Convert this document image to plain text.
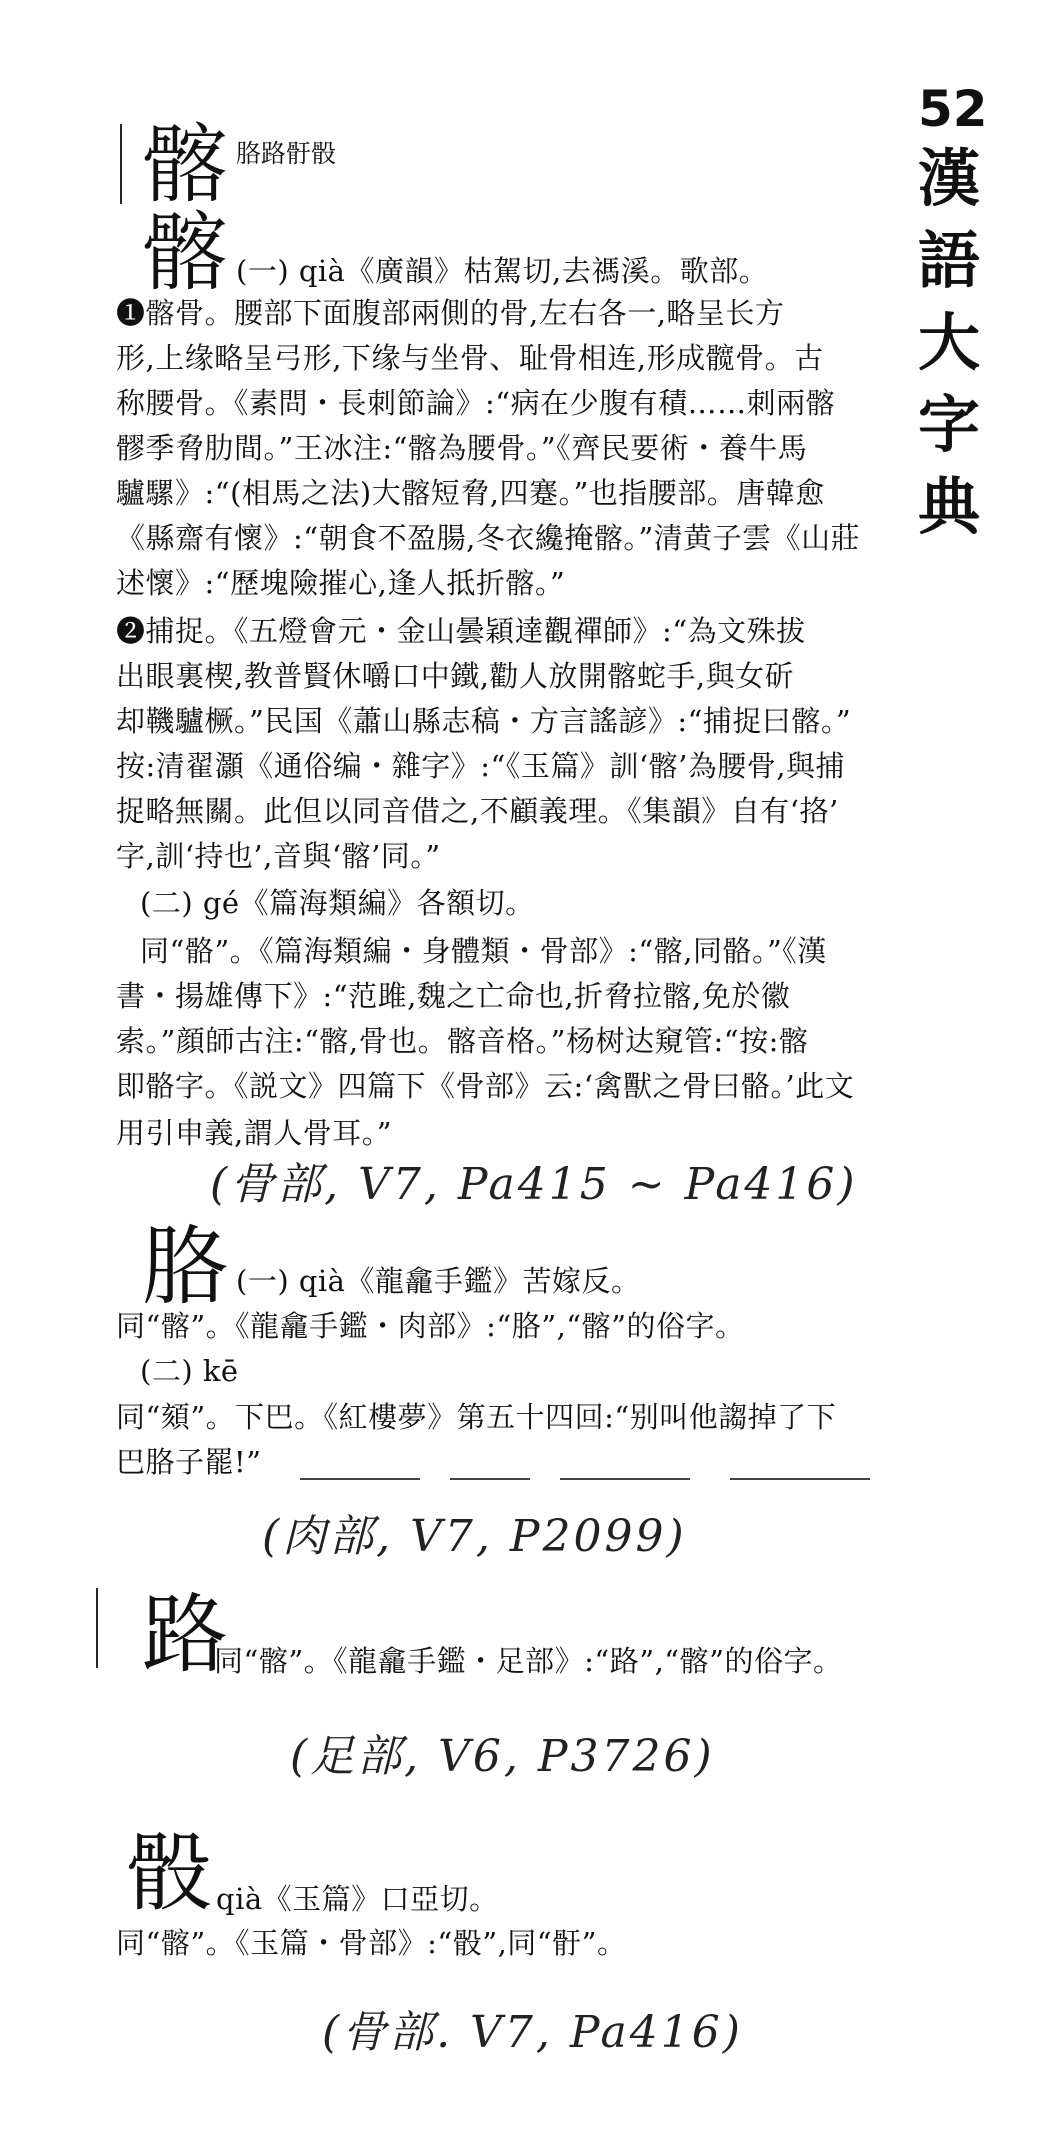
52
漢
語
大
字
典
髂 胳路骬骰
髂 (一) qià《廣韻》枯駕切,去禡溪。歌部。
❶髂骨。腰部下面腹部兩側的骨,左右各一,略呈长方
形,上缘略呈弓形,下缘与坐骨、耻骨相连,形成髋骨。古
称腰骨。《素問・長刺節論》:“病在少腹有積……刺兩髂
髎季脅肋間。”王冰注:“髂為腰骨。”《齊民要術・養牛馬
驢騾》:“(相馬之法)大髂短脅,四蹇。”也指腰部。唐韓愈
《縣齋有懷》:“朝食不盈腸,冬衣纔掩髂。”清黄子雲《山莊
述懷》:“歷塊險摧心,逢人抵折髂。”
❷捕捉。《五燈會元・金山曇穎達觀禪師》:“為文殊拔
出眼裏楔,教普賢休嚼口中鐵,勸人放開髂蛇手,與女斫
却鞿驢橛。”民国《蕭山縣志稿・方言謠諺》:“捕捉曰髂。”
按:清翟灝《通俗编・雜字》:“《玉篇》訓‘髂’為腰骨,與捕
捉略無關。此但以同音借之,不顧義理。《集韻》自有‘挌’
字,訓‘持也’,音與‘髂’同。”
(二) gé《篇海類編》各額切。
同“骼”。《篇海類編・身體類・骨部》:“髂,同骼。”《漢
書・揚雄傳下》:“范雎,魏之亡命也,折脅拉髂,免於徽
索。”顔師古注:“髂,骨也。髂音格。”杨树达窺管:“按:髂
即骼字。《説文》四篇下《骨部》云:‘禽獸之骨曰骼。’此文
用引申義,謂人骨耳。”
(骨部, V7, Pa415 ~ Pa416)
胳 (一) qià《龍龕手鑑》苦嫁反。
同“髂”。《龍龕手鑑・肉部》:“胳”,“髂”的俗字。
(二) kē
同“頦”。下巴。《紅樓夢》第五十四回:“别叫他謅掉了下
巴胳子罷!”
(肉部, V7, P2099)
路
同“髂”。《龍龕手鑑・足部》:“路”,“髂”的俗字。
(足部, V6, P3726)
骰 qià《玉篇》口亞切。
同“髂”。《玉篇・骨部》:“骰”,同“骬”。
(骨部. V7, Pa416)
